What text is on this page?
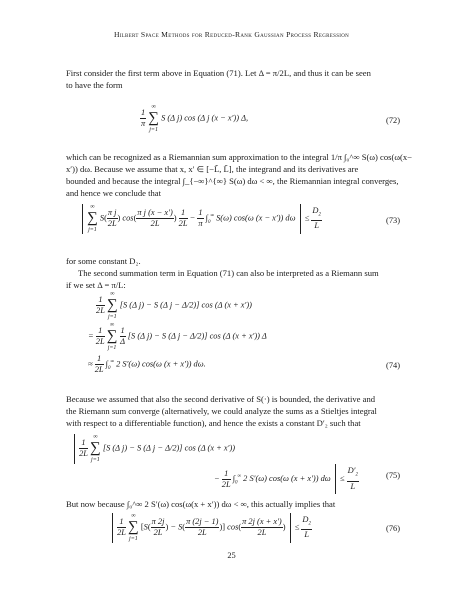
Hilbert Space Methods for Reduced-Rank Gaussian Process Regression
First consider the first term above in Equation (71). Let Δ = π/2L, and thus it can be seen
to have the form
$\frac{1}{\pi}$

∞
∑
j=1
S (Δ j) cos (Δ j (x − x′)) Δ,	(72)
which can be recognized as a Riemannian sum approximation to the integral 1/π ∫₀^∞ S(ω) cos(ω(x−
x′)) dω. Because we assume that x, x′ ∈ [−L̃, L̃], the integrand and its derivatives are
bounded and because the integral ∫_{−∞}^{∞} S(ω) dω < ∞, the Riemannian integral converges,
and hence we conclude that

∞
∑
j=1
$S( \frac{\text{π j}}{2L}$ ) $\cos( \frac{\text{π j (x − x′)}}{2L}$ ) $\frac{1}{2L} - \frac{1}{\pi} \int_0^\infty$ S(ω) cos(ω (x − x′)) $d\omega \le \frac{D_2}{L}$	(73)
for some constant D₂.
The second summation term in Equation (71) can also be interpreted as a Riemann sum
if we set Δ = π/L:
$\frac{1}{2L}$

∞
∑
j=1
[S (Δ j) − S (Δ j − Δ/2)] cos (Δ (x + x′))
= $\frac{1}{2L}$

∞
∑
j=1

$\frac{1}{\Delta} [S$ (Δ j) − S (Δ j − Δ/2)] cos (Δ (x + x′)) Δ
≈ $\frac{1}{2L} \int_0^\infty$ 2 S′(ω) cos(ω (x + x′)) dω.	(74)
Because we assumed that also the second derivative of S(·) is bounded, the derivative and
the Riemann sum converge (alternatively, we could analyze the sums as a Stieltjes integral
with respect to a differentiable function), and hence the exists a constant D′₂ such that

$\frac{1}{2L}$

∞
∑
j=1
[S (Δ j) − S (Δ j − Δ/2)] cos (Δ (x + x′))
− $\frac{1}{2L} \int_0^\infty$ 2 S′(ω) cos(ω (x + x′)) $d\omega \le \frac{D'_2}{L}$	(75)
But now because ∫₀^∞ 2 S′(ω) cos(ω(x + x′)) dω < ∞, this actually implies that

$\frac{1}{2L}$

∞
∑
j=1
[$S( \frac{\pi 2j}{2L}$ ) − $S( \frac{\pi (2j - 1)}{2L}$ )] $\cos( \frac{\pi 2j (x + x')}{2L}$ )  ≤ $\frac{D_2}{L}$	(76)
25
